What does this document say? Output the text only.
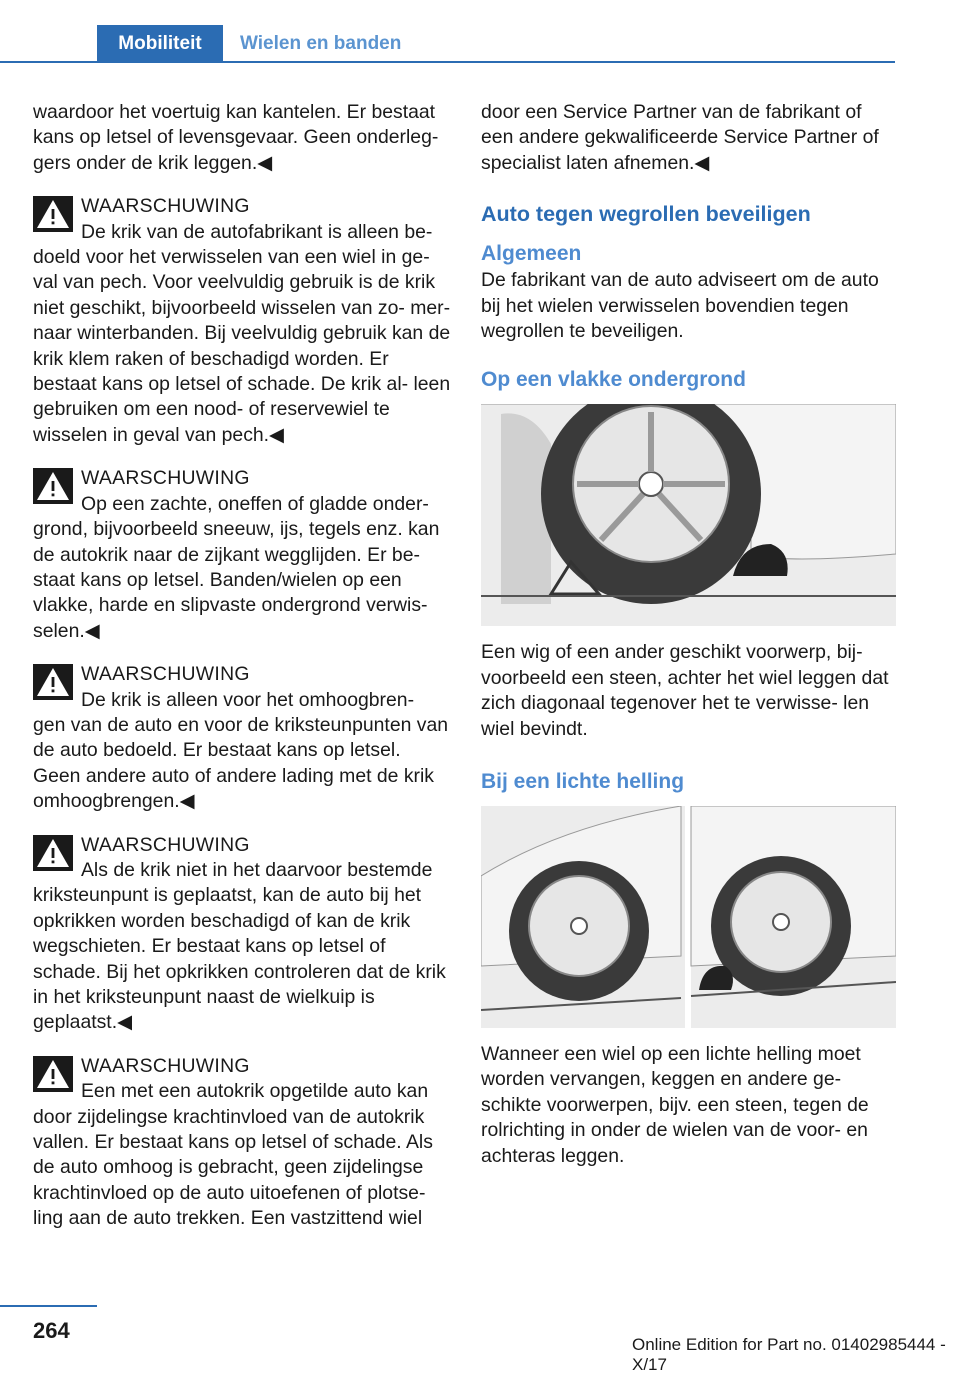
Mobiliteit	Wielen en banden

waardoor het voertuig kan kantelen. Er bestaat kans op letsel of levensgevaar. Geen onderleggers onder de krik leggen.◀

WAARSCHUWING

De krik van de autofabrikant is alleen be‐

doeld voor het verwisselen van een wiel in ge‐ val van pech. Voor veelvuldig gebruik is de krik niet geschikt, bijvoorbeeld wisselen van zo‐ mer- naar winterbanden. Bij veelvuldig gebruik kan de krik klem raken of beschadigd worden. Er bestaat kans op letsel of schade. De krik al‐ leen gebruiken om een nood- of reservewiel te wisselen in geval van pech.◀

WAARSCHUWING

Op een zachte, oneffen of gladde onder‐

grond, bijvoorbeeld sneeuw, ijs, tegels enz. kan de autokrik naar de zijkant wegglijden. Er be‐ staat kans op letsel. Banden/wielen op een vlakke, harde en slipvaste ondergrond verwis‐ selen.◀

WAARSCHUWING

De krik is alleen voor het omhoogbren‐

gen van de auto en voor de kriksteunpunten van de auto bedoeld. Er bestaat kans op letsel. Geen andere auto of andere lading met de krik omhoogbrengen.◀

WAARSCHUWING

Als de krik niet in het daarvoor bestemde

kriksteunpunt is geplaatst, kan de auto bij het opkrikken worden beschadigd of kan de krik wegschieten. Er bestaat kans op letsel of schade. Bij het opkrikken controleren dat de krik in het kriksteunpunt naast de wielkuip is geplaatst.◀

WAARSCHUWING

Een met een autokrik opgetilde auto kan

door zijdelingse krachtinvloed van de autokrik vallen. Er bestaat kans op letsel of schade. Als de auto omhoog is gebracht, geen zijdelingse krachtinvloed op de auto uitoefenen of plotse‐ ling aan de auto trekken. Een vastzittend wiel

door een Service Partner van de fabrikant of een andere gekwalificeerde Service Partner of specialist laten afnemen.◀

Auto tegen wegrollen beveiligen
Algemeen

De fabrikant van de auto adviseert om de auto bij het wielen verwisselen bovendien tegen wegrollen te beveiligen.

Op een vlakke ondergrond

Een wig of een ander geschikt voorwerp, bij‐ voorbeeld een steen, achter het wiel leggen dat zich diagonaal tegenover het te verwisse‐ len wiel bevindt.

Bij een lichte helling

Wanneer een wiel op een lichte helling moet worden vervangen, keggen en andere ge‐ schikte voorwerpen, bijv. een steen, tegen de rolrichting in onder de wielen van de voor- en achteras leggen.

264
Online Edition for Part no. 01402985444 - X/17
